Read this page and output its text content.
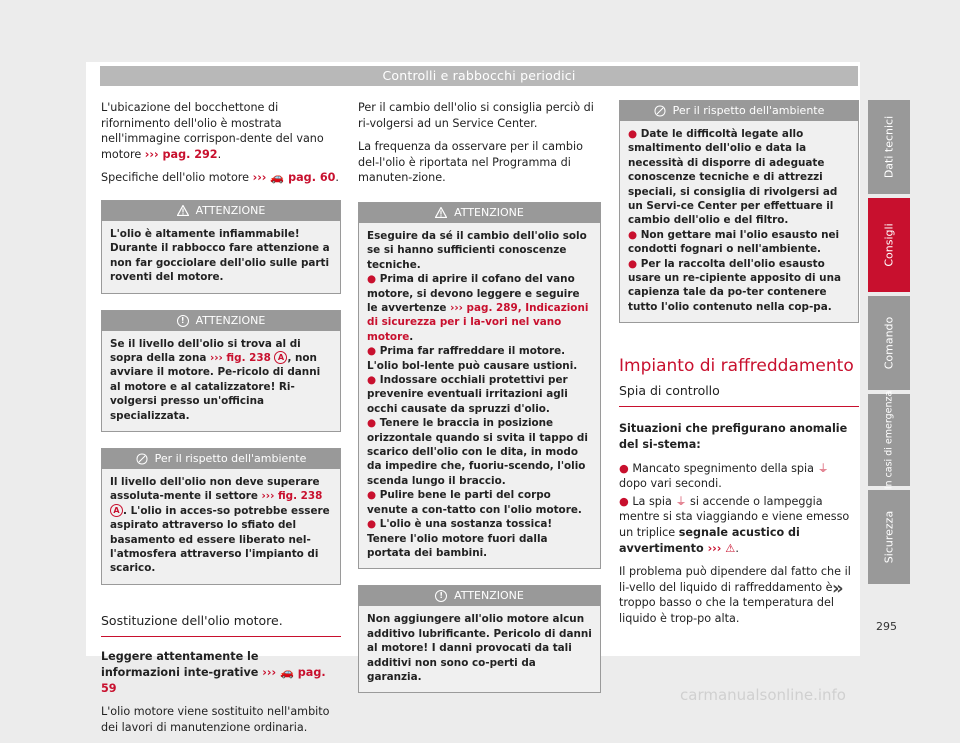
Controlli e rabbocchi periodici

L'ubicazione del bocchettone di rifornimento dell'olio è mostrata nell'immagine corrispon-dente del vano motore ››› pag. 292.

Specifiche dell'olio motore ››› 🚗 pag. 60.

ATTENZIONE
L'olio è altamente infiammabile! Durante il rabbocco fare attenzione a non far gocciolare dell'olio sulle parti roventi del motore.
!	ATTENZIONE
Se il livello dell'olio si trova al di sopra della zona ››› fig. 238 A , non avviare il motore. Pe-ricolo di danni al motore e al catalizzatore! Ri-volgersi presso un'officina specializzata.
Per il rispetto dell'ambiente
Il livello dell'olio non deve superare assoluta-mente il settore ››› fig. 238 A . L'olio in acces-so potrebbe essere aspirato attraverso lo sfiato del basamento ed essere liberato nel-l'atmosfera attraverso l'impianto di scarico.
Sostituzione dell'olio motore.

Leggere attentamente le informazioni inte-grative ››› 🚗 pag. 59

L'olio motore viene sostituito nell'ambito dei lavori di manutenzione ordinaria.

Per il cambio dell'olio si consiglia perciò di ri-volgersi ad un Service Center.

La frequenza da osservare per il cambio del-l'olio è riportata nel Programma di manuten-zione.

ATTENZIONE
Eseguire da sé il cambio dell'olio solo se si hanno sufficienti conoscenze tecniche.
● Prima di aprire il cofano del vano motore, si devono leggere e seguire le avvertenze ››› pag. 289, Indicazioni di sicurezza per i la-vori nel vano motore.
● Prima far raffreddare il motore. L'olio bol-lente può causare ustioni.
● Indossare occhiali protettivi per prevenire eventuali irritazioni agli occhi causate da spruzzi d'olio.
● Tenere le braccia in posizione orizzontale quando si svita il tappo di scarico dell'olio con le dita, in modo da impedire che, fuoriu-scendo, l'olio scenda lungo il braccio.
● Pulire bene le parti del corpo venute a con-tatto con l'olio motore.
● L'olio è una sostanza tossica! Tenere l'olio motore fuori dalla portata dei bambini.
!	ATTENZIONE
Non aggiungere all'olio motore alcun additivo lubrificante. Pericolo di danni al motore! I danni provocati da tali additivi non sono co-perti da garanzia.
Per il rispetto dell'ambiente
● Date le difficoltà legate allo smaltimento dell'olio e data la necessità di disporre di adeguate conoscenze tecniche e di attrezzi speciali, si consiglia di rivolgersi ad un Servi-ce Center per effettuare il cambio dell'olio e del filtro.
● Non gettare mai l'olio esausto nei condotti fognari o nell'ambiente.
● Per la raccolta dell'olio esausto usare un re-cipiente apposito di una capienza tale da po-ter contenere tutto l'olio contenuto nella cop-pa.
Impianto di raffreddamento
Spia di controllo

Situazioni che prefigurano anomalie del si-stema:

● Mancato spegnimento della spia ⏚ dopo vari secondi.

● La spia ⏚ si accende o lampeggia mentre si sta viaggiando e viene emesso un triplice segnale acustico di avvertimento ››› ⚠.

Il problema può dipendere dal fatto che il li-vello del liquido di raffreddamento è troppo basso o che la temperatura del liquido è trop-po alta.

»
Dati tecnici
Consigli
Comando
In casi di emergenza
Sicurezza
295
carmanualsonline.info
